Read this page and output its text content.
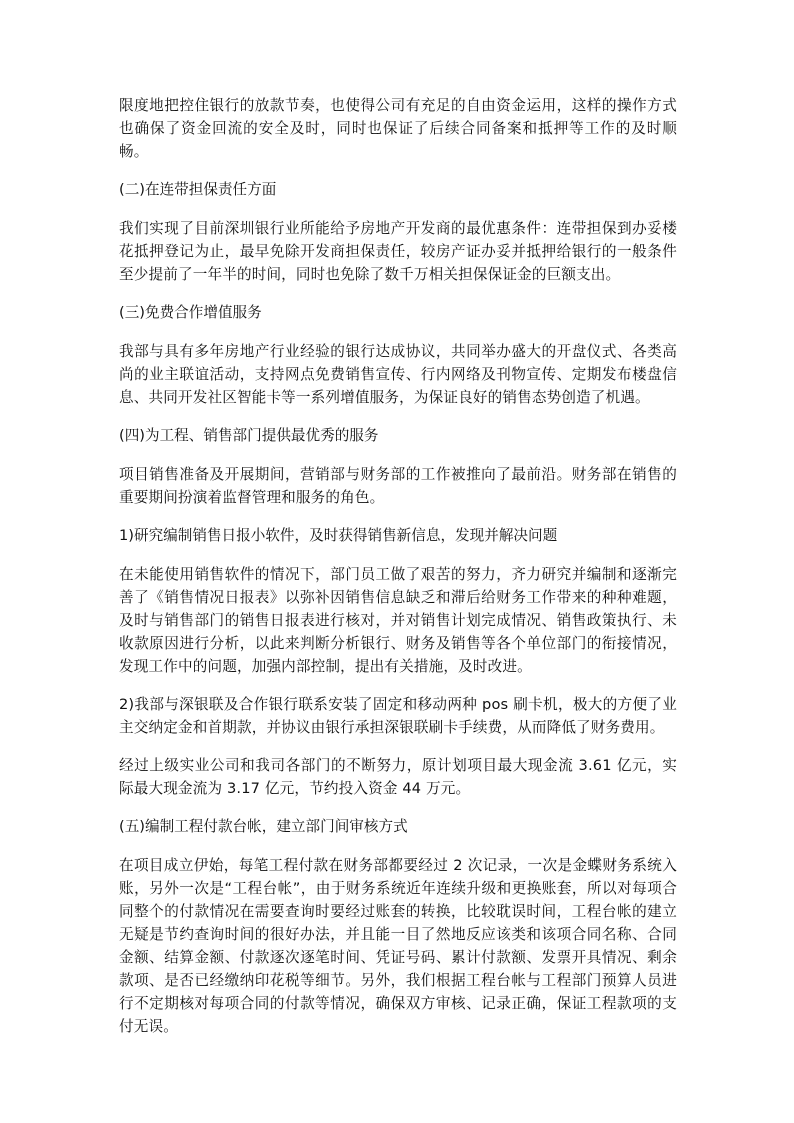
限度地把控住银行的放款节奏，也使得公司有充足的自由资金运用，这样的操作方式也确保了资金回流的安全及时，同时也保证了后续合同备案和抵押等工作的及时顺畅。

(二)在连带担保责任方面

我们实现了目前深圳银行业所能给予房地产开发商的最优惠条件：连带担保到办妥楼花抵押登记为止，最早免除开发商担保责任，较房产证办妥并抵押给银行的一般条件至少提前了一年半的时间，同时也免除了数千万相关担保保证金的巨额支出。

(三)免费合作增值服务

我部与具有多年房地产行业经验的银行达成协议，共同举办盛大的开盘仪式、各类高尚的业主联谊活动，支持网点免费销售宣传、行内网络及刊物宣传、定期发布楼盘信息、共同开发社区智能卡等一系列增值服务，为保证良好的销售态势创造了机遇。

(四)为工程、销售部门提供最优秀的服务

项目销售准备及开展期间，营销部与财务部的工作被推向了最前沿。财务部在销售的重要期间扮演着监督管理和服务的角色。

1)研究编制销售日报小软件，及时获得销售新信息，发现并解决问题

在未能使用销售软件的情况下，部门员工做了艰苦的努力，齐力研究并编制和逐渐完善了《销售情况日报表》以弥补因销售信息缺乏和滞后给财务工作带来的种种难题，及时与销售部门的销售日报表进行核对，并对销售计划完成情况、销售政策执行、未收款原因进行分析，以此来判断分析银行、财务及销售等各个单位部门的衔接情况，发现工作中的问题，加强内部控制，提出有关措施，及时改进。

2)我部与深银联及合作银行联系安装了固定和移动两种 pos 刷卡机，极大的方便了业主交纳定金和首期款，并协议由银行承担深银联刷卡手续费，从而降低了财务费用。

经过上级实业公司和我司各部门的不断努力，原计划项目最大现金流 3.61 亿元，实际最大现金流为 3.17 亿元，节约投入资金 44 万元。

(五)编制工程付款台帐，建立部门间审核方式

在项目成立伊始，每笔工程付款在财务部都要经过 2 次记录，一次是金蝶财务系统入账，另外一次是“工程台帐”，由于财务系统近年连续升级和更换账套，所以对每项合同整个的付款情况在需要查询时要经过账套的转换，比较耽误时间，工程台帐的建立无疑是节约查询时间的很好办法，并且能一目了然地反应该类和该项合同名称、合同金额、结算金额、付款逐次逐笔时间、凭证号码、累计付款额、发票开具情况、剩余款项、是否已经缴纳印花税等细节。另外，我们根据工程台帐与工程部门预算人员进行不定期核对每项合同的付款等情况，确保双方审核、记录正确，保证工程款项的支付无误。
